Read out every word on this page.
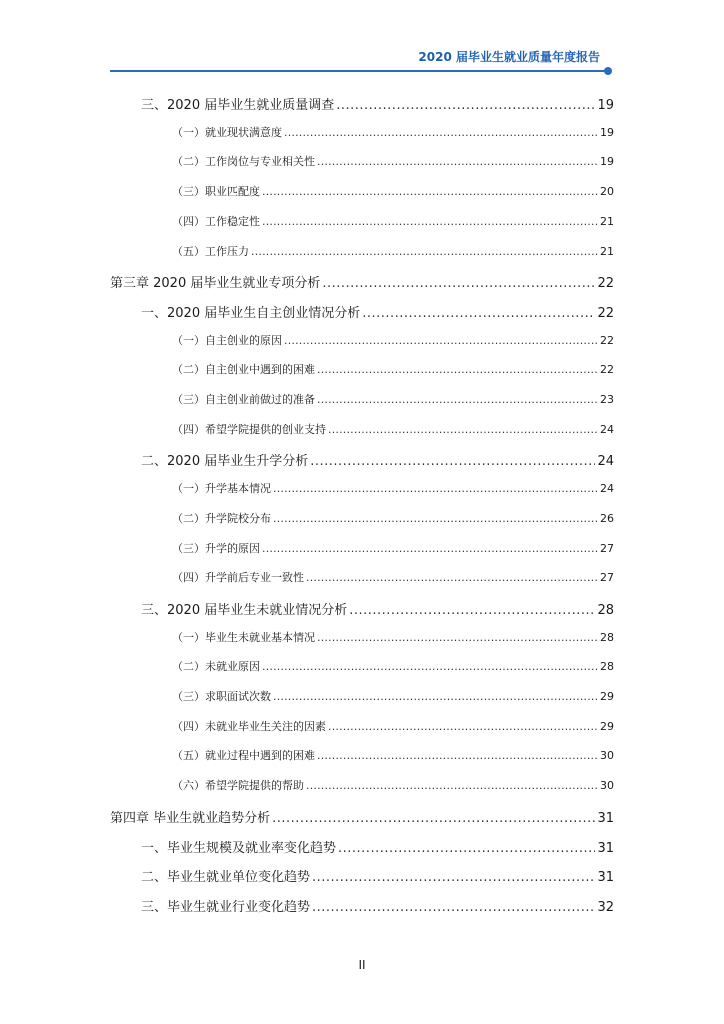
2020 届毕业生就业质量年度报告
三、2020 届毕业生就业质量调查 .....	19
（一）就业现状满意度 .....	19
（二）工作岗位与专业相关性 .....	19
（三）职业匹配度 .....	20
（四）工作稳定性 .....	21
（五）工作压力 .....	21
第三章 2020 届毕业生就业专项分析 .....	22
一、2020 届毕业生自主创业情况分析 .....	22
（一）自主创业的原因 .....	22
（二）自主创业中遇到的困难 .....	22
（三）自主创业前做过的准备 .....	23
（四）希望学院提供的创业支持 .....	24
二、2020 届毕业生升学分析 .....	24
（一）升学基本情况 .....	24
（二）升学院校分布 .....	26
（三）升学的原因 .....	27
（四）升学前后专业一致性 .....	27
三、2020 届毕业生未就业情况分析 .....	28
（一）毕业生未就业基本情况 .....	28
（二）未就业原因 .....	28
（三）求职面试次数 .....	29
（四）未就业毕业生关注的因素 .....	29
（五）就业过程中遇到的困难 .....	30
（六）希望学院提供的帮助 .....	30
第四章 毕业生就业趋势分析 .....	31
一、毕业生规模及就业率变化趋势 .....	31
二、毕业生就业单位变化趋势 .....	31
三、毕业生就业行业变化趋势 .....	32
II
